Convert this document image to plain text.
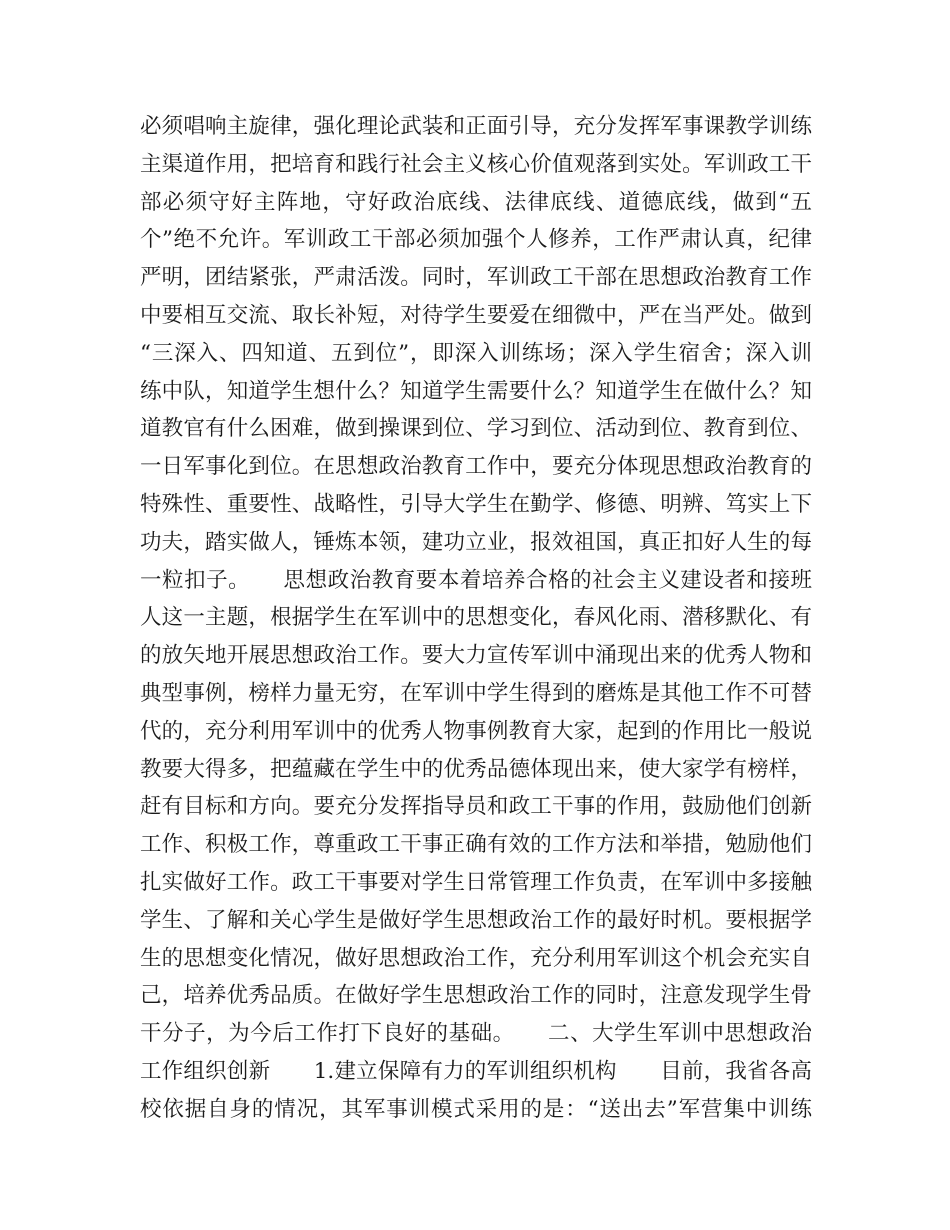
必须唱响主旋律，强化理论武装和正面引导，充分发挥军事课教学训练
主渠道作用，把培育和践行社会主义核心价值观落到实处。军训政工干
部必须守好主阵地，守好政治底线、法律底线、道德底线，做到“五
个”绝不允许。军训政工干部必须加强个人修养，工作严肃认真，纪律
严明，团结紧张，严肃活泼。同时，军训政工干部在思想政治教育工作
中要相互交流、取长补短，对待学生要爱在细微中，严在当严处。做到
“三深入、四知道、五到位”，即深入训练场；深入学生宿舍；深入训
练中队，知道学生想什么？知道学生需要什么？知道学生在做什么？知
道教官有什么困难，做到操课到位、学习到位、活动到位、教育到位、
一日军事化到位。在思想政治教育工作中，要充分体现思想政治教育的
特殊性、重要性、战略性，引导大学生在勤学、修德、明辨、笃实上下
功夫，踏实做人，锤炼本领，建功立业，报效祖国，真正扣好人生的每
一粒扣子。　　思想政治教育要本着培养合格的社会主义建设者和接班
人这一主题，根据学生在军训中的思想变化，春风化雨、潜移默化、有
的放矢地开展思想政治工作。要大力宣传军训中涌现出来的优秀人物和
典型事例，榜样力量无穷，在军训中学生得到的磨炼是其他工作不可替
代的，充分利用军训中的优秀人物事例教育大家，起到的作用比一般说
教要大得多，把蕴藏在学生中的优秀品德体现出来，使大家学有榜样，
赶有目标和方向。要充分发挥指导员和政工干事的作用，鼓励他们创新
工作、积极工作，尊重政工干事正确有效的工作方法和举措，勉励他们
扎实做好工作。政工干事要对学生日常管理工作负责，在军训中多接触
学生、了解和关心学生是做好学生思想政治工作的最好时机。要根据学
生的思想变化情况，做好思想政治工作，充分利用军训这个机会充实自
己，培养优秀品质。在做好学生思想政治工作的同时，注意发现学生骨
干分子，为今后工作打下良好的基础。　　二、大学生军训中思想政治
工作组织创新　　1.建立保障有力的军训组织机构　　目前，我省各高
校依据自身的情况，其军事训模式采用的是：“送出去”军营集中训练
